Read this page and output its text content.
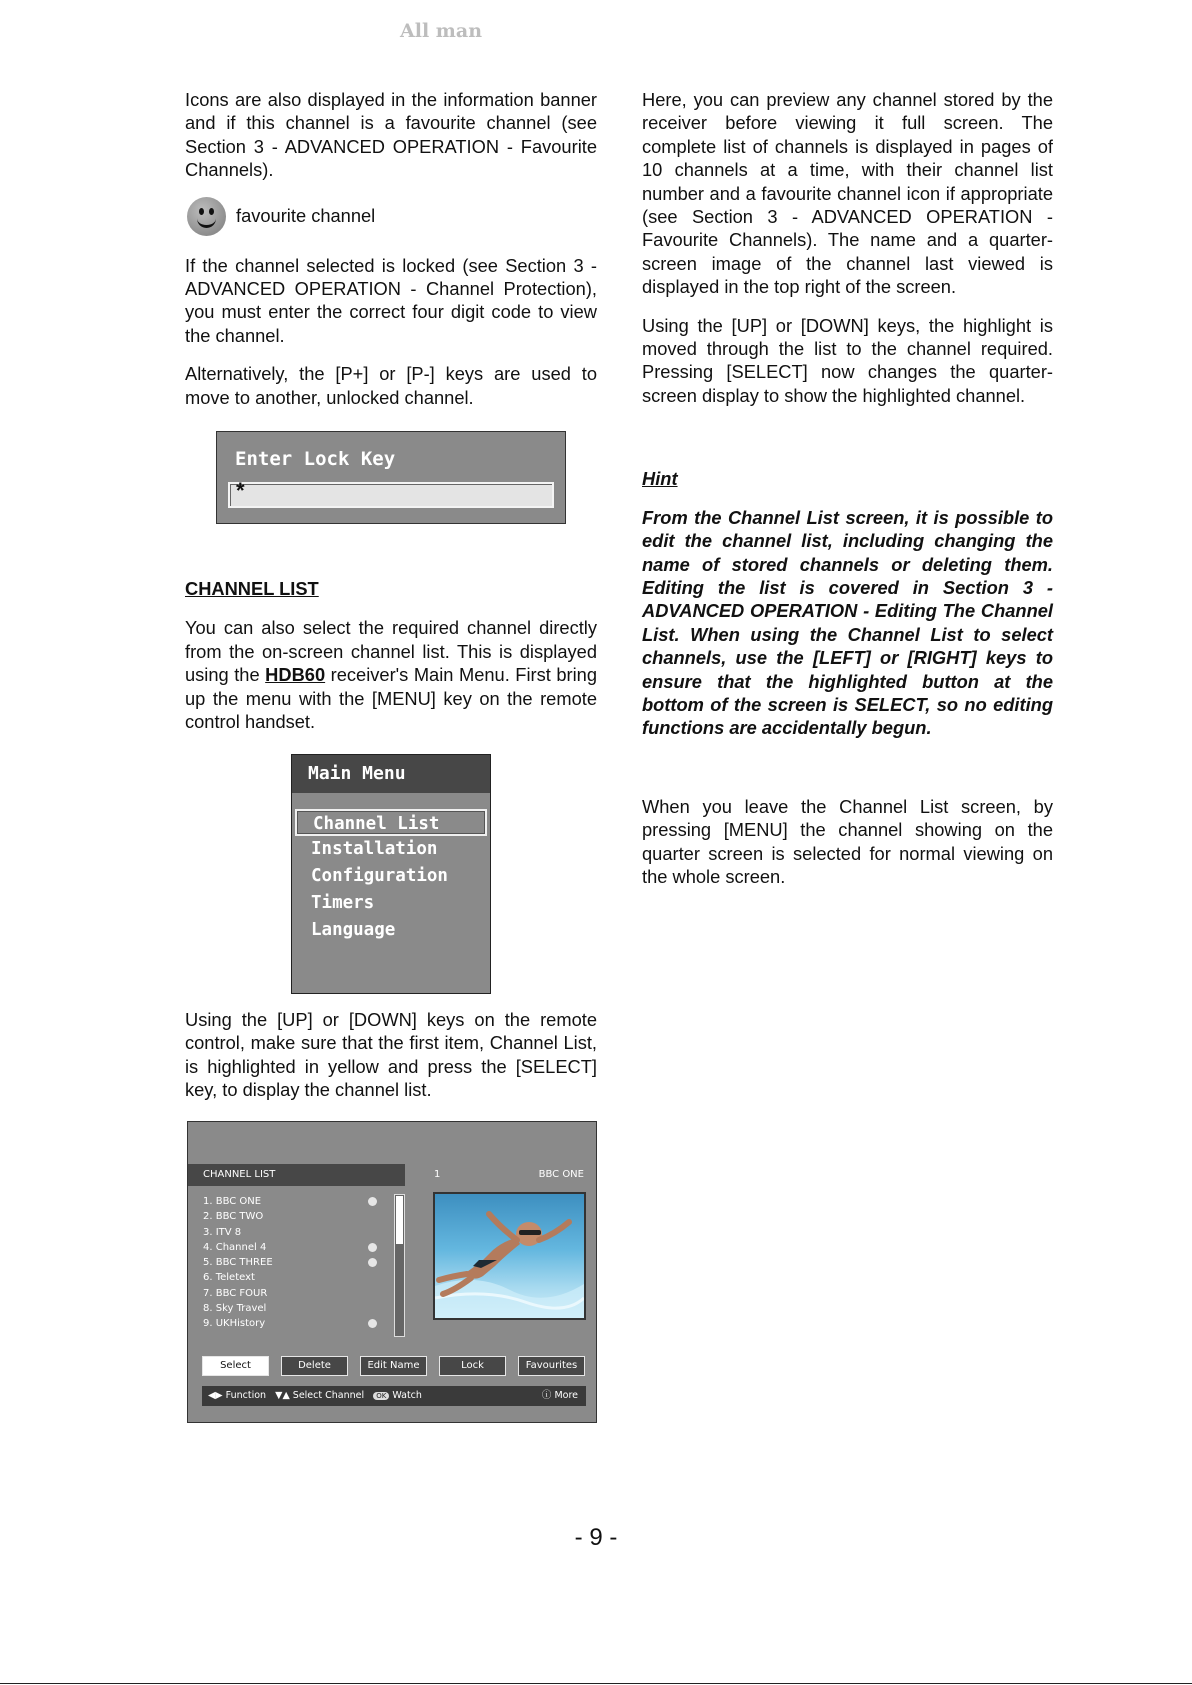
All man

Icons are also displayed in the information banner and if this channel is a favourite channel (see Section 3 - ADVANCED OPERATION - Favourite Channels).

favourite channel

If the channel selected is locked (see Section 3 - ADVANCED OPERATION - Channel Protection), you must enter the correct four digit code to view the channel.

Alternatively, the [P+] or [P-] keys are used to move to another, unlocked channel.

Enter Lock Key
*
CHANNEL LIST

You can also select the required channel directly from the on-screen channel list. This is displayed using the HDB60 receiver's Main Menu. First bring up the menu with the [MENU] key on the remote control handset.

Main Menu
Channel List
Installation
Configuration
Timers
Language

Using the [UP] or [DOWN] keys on the remote control, make sure that the first item, Channel List, is highlighted in yellow and press the [SELECT] key, to display the channel list.

CHANNEL LIST	1	BBC ONE
1. BBC ONE
2. BBC TWO
3. ITV 8
4. Channel 4
5. BBC THREE
6. Teletext
7. BBC FOUR
8. Sky Travel
9. UKHistory
Select	Delete	Edit Name	Lock	Favourites
◀▶ Function ▼▲ Select Channel OK Watch	ⓘ More

Here, you can preview any channel stored by the receiver before viewing it full screen. The complete list of channels is displayed in pages of 10 channels at a time, with their channel list number and a favourite channel icon if appropriate (see Section 3 - ADVANCED OPERATION - Favourite Channels). The name and a quarter-screen image of the channel last viewed is displayed in the top right of the screen.

Using the [UP] or [DOWN] keys, the highlight is moved through the list to the channel required. Pressing [SELECT] now changes the quarter-screen display to show the highlighted channel.

Hint

From the Channel List screen, it is possible to edit the channel list, including changing the name of stored channels or deleting them. Editing the list is covered in Section 3 - ADVANCED OPERATION - Editing The Channel List. When using the Channel List to select channels, use the [LEFT] or [RIGHT] keys to ensure that the highlighted button at the bottom of the screen is SELECT, so no editing functions are accidentally begun.

When you leave the Channel List screen, by pressing [MENU] the channel showing on the quarter screen is selected for normal viewing on the whole screen.

- 9 -
